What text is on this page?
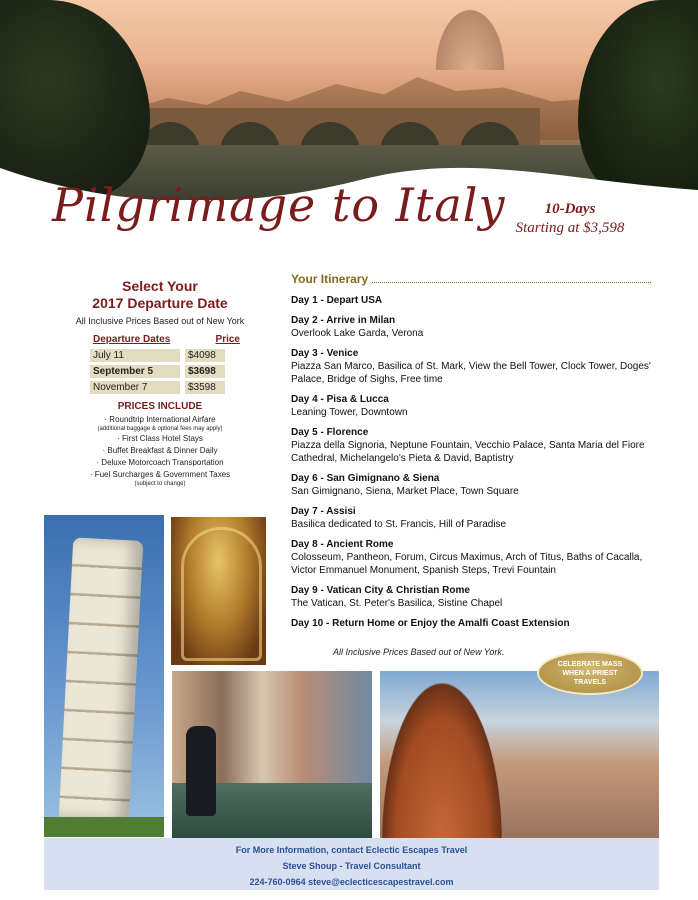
Pilgrimage to Italy	10-Days
Starting at $3,598
Select Your
2017 Departure Date
All Inclusive Prices Based out of New York
Departure Dates	Price
July 11	$4098
September 5	$3698
November 7	$3598
PRICES INCLUDE
· Roundtrip International Airfare
(additional baggage & optional fees may apply)
· First Class Hotel Stays
· Buffet Breakfast & Dinner Daily
· Deluxe Motorcoach Transportation
· Fuel Surcharges & Government Taxes
(subject to change)
Your Itinerary
Day 1 - Depart USA
Day 2 - Arrive in Milan
Overlook Lake Garda, Verona
Day 3 - Venice
Piazza San Marco, Basilica of St. Mark, View the Bell Tower, Clock Tower, Doges' Palace, Bridge of Sighs, Free time
Day 4 - Pisa & Lucca
Leaning Tower, Downtown
Day 5 - Florence
Piazza della Signoria, Neptune Fountain, Vecchio Palace, Santa Maria del Fiore Cathedral, Michelangelo's Pieta & David, Baptistry
Day 6 - San Gimignano & Siena
San Gimignano, Siena, Market Place, Town Square
Day 7 - Assisi
Basilica dedicated to St. Francis, Hill of Paradise
Day 8 - Ancient Rome
Colosseum, Pantheon, Forum, Circus Maximus, Arch of Titus, Baths of Cacalla, Victor Emmanuel Monument, Spanish Steps, Trevi Fountain
Day 9 - Vatican City & Christian Rome
The Vatican, St. Peter's Basilica, Sistine Chapel
Day 10 - Return Home or Enjoy the Amalfi Coast Extension
All Inclusive Prices Based out of New York.
CELEBRATE MASS
WHEN A PRIEST
TRAVELS
For More Information, contact Eclectic Escapes Travel
Steve Shoup - Travel Consultant
224-760-0964 steve@eclecticescapestravel.com
